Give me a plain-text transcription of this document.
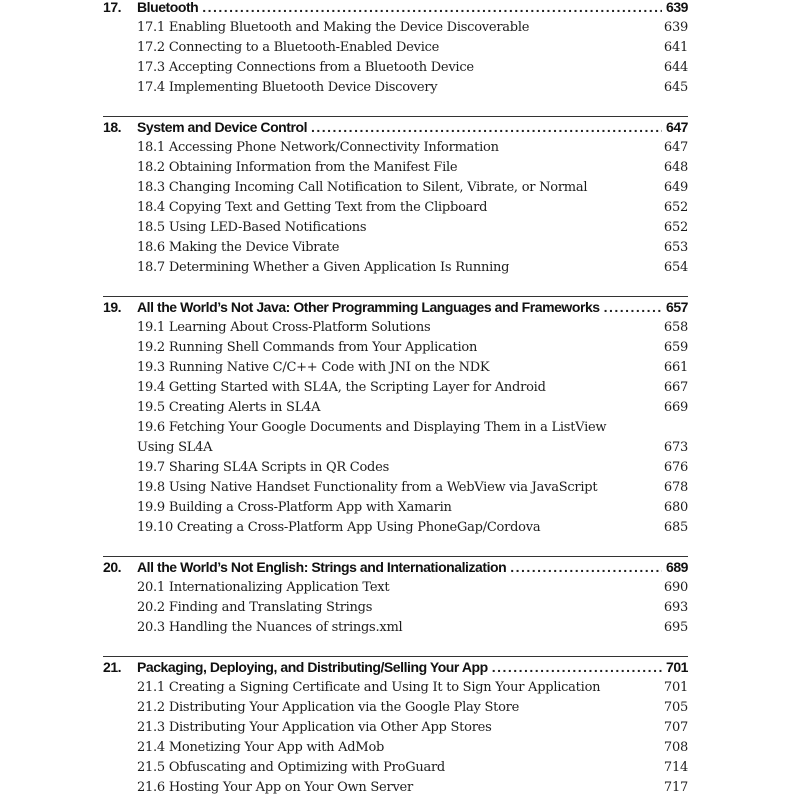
17.	Bluetooth . . .	639
17.1 Enabling Bluetooth and Making the Device Discoverable	639
17.2 Connecting to a Bluetooth-Enabled Device	641
17.3 Accepting Connections from a Bluetooth Device	644
17.4 Implementing Bluetooth Device Discovery	645
18.	System and Device Control . . .	647
18.1 Accessing Phone Network/Connectivity Information	647
18.2 Obtaining Information from the Manifest File	648
18.3 Changing Incoming Call Notification to Silent, Vibrate, or Normal	649
18.4 Copying Text and Getting Text from the Clipboard	652
18.5 Using LED-Based Notifications	652
18.6 Making the Device Vibrate	653
18.7 Determining Whether a Given Application Is Running	654
19.	All the World’s Not Java: Other Programming Languages and Frameworks . . .	657
19.1 Learning About Cross-Platform Solutions	658
19.2 Running Shell Commands from Your Application	659
19.3 Running Native C/C++ Code with JNI on the NDK	661
19.4 Getting Started with SL4A, the Scripting Layer for Android	667
19.5 Creating Alerts in SL4A	669
19.6 Fetching Your Google Documents and Displaying Them in a ListView
Using SL4A	673
19.7 Sharing SL4A Scripts in QR Codes	676
19.8 Using Native Handset Functionality from a WebView via JavaScript	678
19.9 Building a Cross-Platform App with Xamarin	680
19.10 Creating a Cross-Platform App Using PhoneGap/Cordova	685
20.	All the World’s Not English: Strings and Internationalization . . .	689
20.1 Internationalizing Application Text	690
20.2 Finding and Translating Strings	693
20.3 Handling the Nuances of strings.xml	695
21.	Packaging, Deploying, and Distributing/Selling Your App . . .	701
21.1 Creating a Signing Certificate and Using It to Sign Your Application	701
21.2 Distributing Your Application via the Google Play Store	705
21.3 Distributing Your Application via Other App Stores	707
21.4 Monetizing Your App with AdMob	708
21.5 Obfuscating and Optimizing with ProGuard	714
21.6 Hosting Your App on Your Own Server	717
